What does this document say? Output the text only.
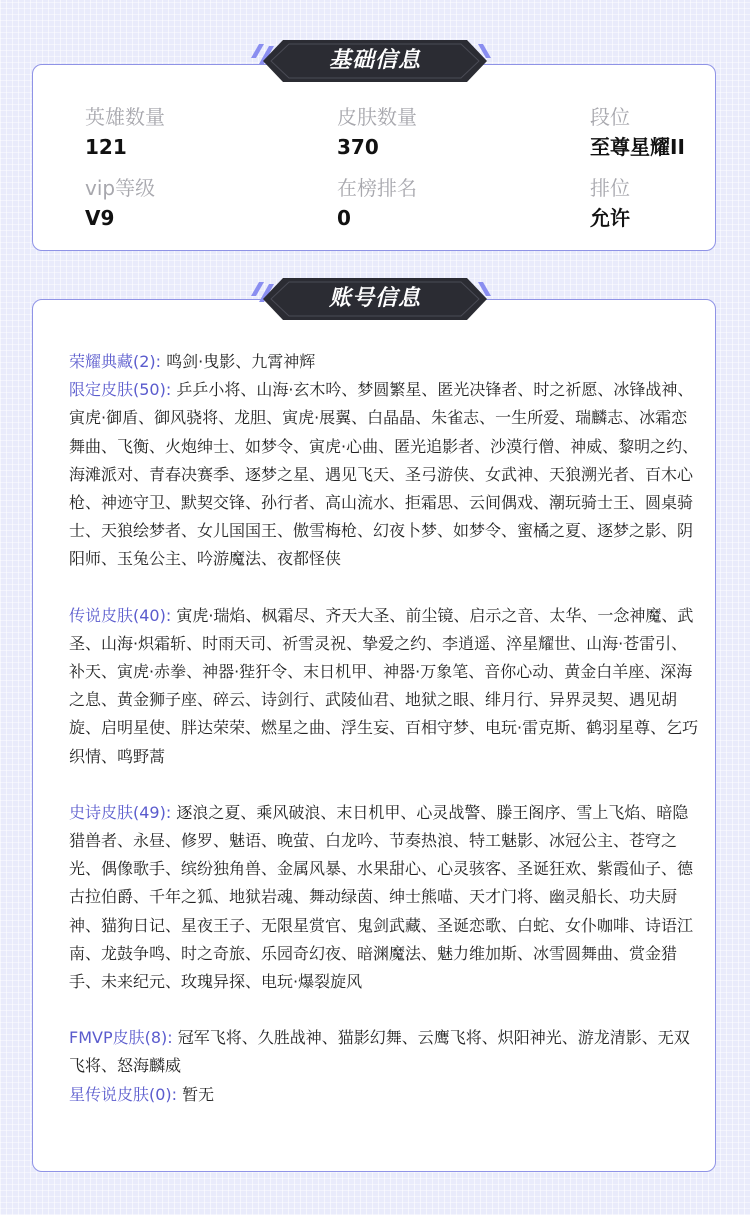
英雄数量
121
皮肤数量
370
段位
至尊星耀II
vip等级
V9
在榜排名
0
排位
允许
基础信息

荣耀典藏(2): 鸣剑·曳影、九霄神辉

限定皮肤(50): 乒乒小将、山海·玄木吟、梦圆繁星、匿光决锋者、时之祈愿、冰锋战神、寅虎·御盾、御风骁将、龙胆、寅虎·展翼、白晶晶、朱雀志、一生所爱、瑞麟志、冰霜恋舞曲、飞衡、火炮绅士、如梦令、寅虎·心曲、匿光追影者、沙漠行僧、神威、黎明之约、海滩派对、青春决赛季、逐梦之星、遇见飞天、圣弓游侠、女武神、天狼溯光者、百木心枪、神迹守卫、默契交锋、孙行者、高山流水、拒霜思、云间偶戏、潮玩骑士王、圆桌骑士、天狼绘梦者、女儿国国王、傲雪梅枪、幻夜卜梦、如梦令、蜜橘之夏、逐梦之影、阴阳师、玉兔公主、吟游魔法、夜都怪侠

传说皮肤(40): 寅虎·瑞焰、枫霜尽、齐天大圣、前尘镜、启示之音、太华、一念神魔、武圣、山海·炽霜斩、时雨天司、祈雪灵祝、挚爱之约、李逍遥、淬星耀世、山海·苍雷引、补天、寅虎·赤拳、神器·狴犴令、末日机甲、神器·万象笔、音你心动、黄金白羊座、深海之息、黄金狮子座、碎云、诗剑行、武陵仙君、地狱之眼、绯月行、异界灵契、遇见胡旋、启明星使、胖达荣荣、燃星之曲、浮生妄、百相守梦、电玩·雷克斯、鹤羽星尊、乞巧织情、鸣野蒿

史诗皮肤(49): 逐浪之夏、乘风破浪、末日机甲、心灵战警、滕王阁序、雪上飞焰、暗隐猎兽者、永昼、修罗、魅语、晚萤、白龙吟、节奏热浪、特工魅影、冰冠公主、苍穹之光、偶像歌手、缤纷独角兽、金属风暴、水果甜心、心灵骇客、圣诞狂欢、紫霞仙子、德古拉伯爵、千年之狐、地狱岩魂、舞动绿茵、绅士熊喵、天才门将、幽灵船长、功夫厨神、猫狗日记、星夜王子、无限星赏官、鬼剑武藏、圣诞恋歌、白蛇、女仆咖啡、诗语江南、龙鼓争鸣、时之奇旅、乐园奇幻夜、暗渊魔法、魅力维加斯、冰雪圆舞曲、赏金猎手、未来纪元、玫瑰异探、电玩·爆裂旋风

FMVP皮肤(8): 冠军飞将、久胜战神、猫影幻舞、云鹰飞将、炽阳神光、游龙清影、无双飞将、怒海麟威

星传说皮肤(0): 暂无

账号信息
